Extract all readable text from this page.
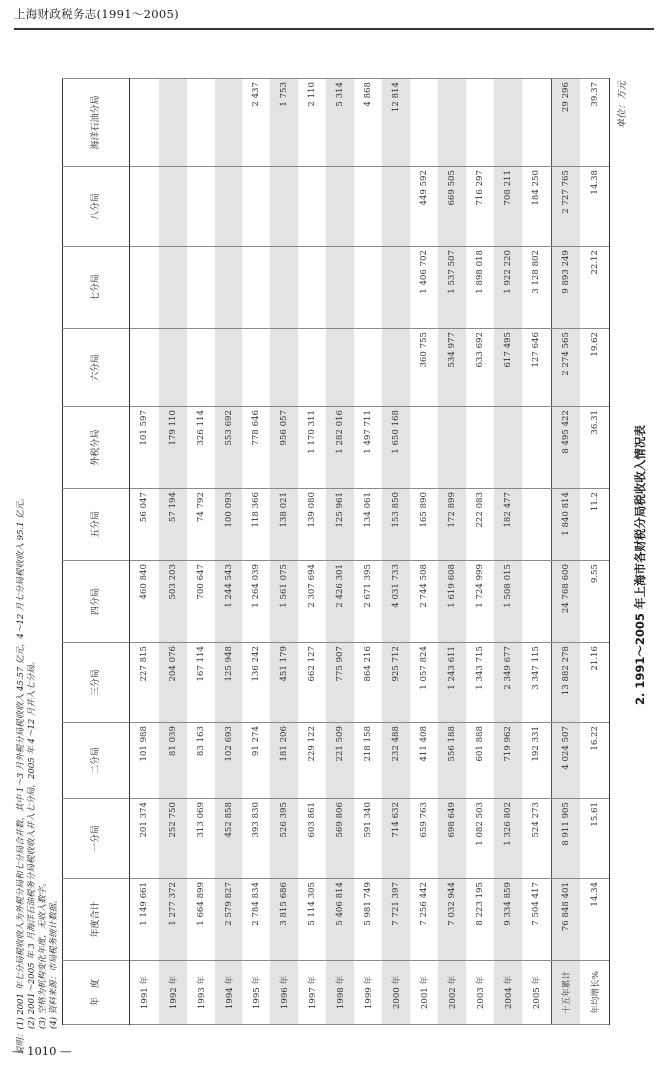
上海财政税务志(1991～2005)
说明：(1) 2001 年七分局税收收入为外税分局和七分局合并数，其中 1～3 月外税分局税收收入 45.57 亿元，4～12 月七分局税收收入 95.1 亿元。 (2) 2001～2005 年 3 月海洋石油税务分局税收收入并入七分局，2005 年 4～12 月并入七分局。 (3) 空格为机构变化年度，无收入数字。 (4) 资料来源：市局税务统计数据。	年　度	年度合计	一分局	二分局	三分局	四分局	五分局	外税分局	六分局	七分局	八分局	海洋石油分局
1991 年	1 149 661	201 374	101 988	227 815	460 840	56 047	101 597				
1992 年	1 277 372	252 750	81 039	204 076	503 203	57 194	179 110				
1993 年	1 664 899	313 069	83 163	167 114	700 647	74 792	326 114				
1994 年	2 579 827	452 858	102 693	125 948	1 244 543	100 093	553 692				
1995 年	2 784 834	393 830	91 274	136 242	1 264 039	118 366	778 646				2 437
1996 年	3 815 686	526 395	181 206	451 179	1 561 075	138 021	956 057				1 753
1997 年	5 114 305	603 861	229 122	662 127	2 307 694	139 080	1 170 311				2 110
1998 年	5 406 814	569 806	221 509	775 907	2 426 301	125 961	1 282 016				5 314
1999 年	5 981 749	591 340	218 158	864 216	2 671 395	134 061	1 497 711				4 868
2000 年	7 721 397	714 632	232 488	925 712	4 031 733	153 850	1 650 168				12 814
2001 年	7 256 442	659 763	411 408	1 057 824	2 744 508	165 890		360 755	1 406 702	449 592	
2002 年	7 032 944	698 649	556 188	1 243 611	1 619 608	172 899		534 977	1 537 507	669 505	
2003 年	8 223 195	1 082 503	601 888	1 343 715	1 724 999	222 083		633 692	1 898 018	716 297	
2004 年	9 334 859	1 326 802	719 962	2 349 677	1 508 015	182 477		617 495	1 922 220	708 211	
2005 年	7 504 417	524 273	192 331	3 347 115				127 646	3 128 802	184 250	
十五年累计	76 848 401	8 911 905	4 024 507	13 882 278	24 768 600	1 840 814	8 495 422	2 274 565	9 893 249	2 727 765	29 296
年均增长%	14.34	15.61	16.22	21.16	9.55	11.2	36.31	19.62	22.12	14.38	39.37	单位：万元
2. 1991～2005 年上海市各财税分局税收收入情况表
— 1010 —
